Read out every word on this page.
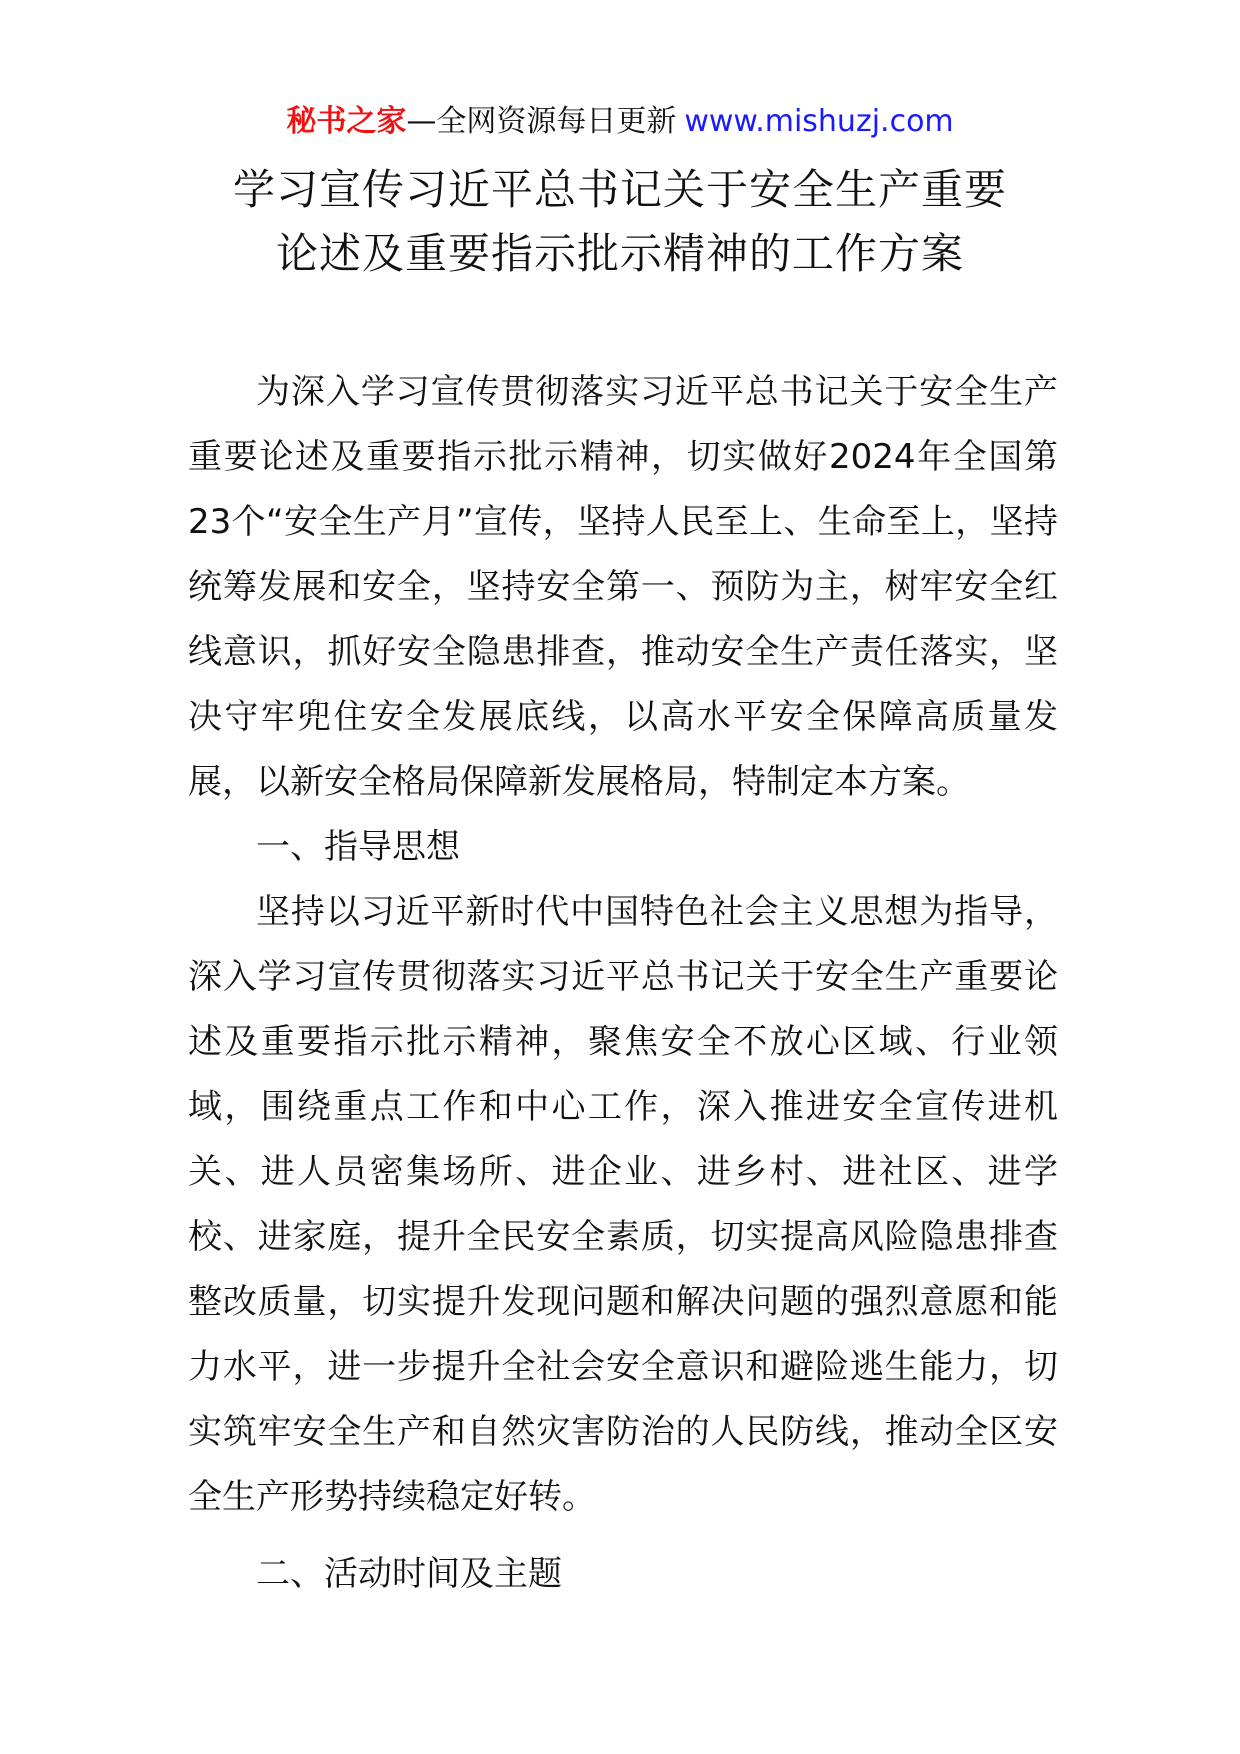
秘书之家—全网资源每日更新 www.mishuzj.com
学习宣传习近平总书记关于安全生产重要
论述及重要指示批示精神的工作方案

为深入学习宣传贯彻落实习近平总书记关于安全生产重要论述及重要指示批示精神，切实做好2024年全国第23个“安全生产月”宣传，坚持人民至上、生命至上，坚持统筹发展和安全，坚持安全第一、预防为主，树牢安全红线意识，抓好安全隐患排查，推动安全生产责任落实，坚决守牢兜住安全发展底线，以高水平安全保障高质量发展，以新安全格局保障新发展格局，特制定本方案。

一、指导思想

坚持以习近平新时代中国特色社会主义思想为指导，深入学习宣传贯彻落实习近平总书记关于安全生产重要论述及重要指示批示精神，聚焦安全不放心区域、行业领域，围绕重点工作和中心工作，深入推进安全宣传进机关、进人员密集场所、进企业、进乡村、进社区、进学校、进家庭，提升全民安全素质，切实提高风险隐患排查整改质量，切实提升发现问题和解决问题的强烈意愿和能力水平，进一步提升全社会安全意识和避险逃生能力，切实筑牢安全生产和自然灾害防治的人民防线，推动全区安全生产形势持续稳定好转。

二、活动时间及主题
